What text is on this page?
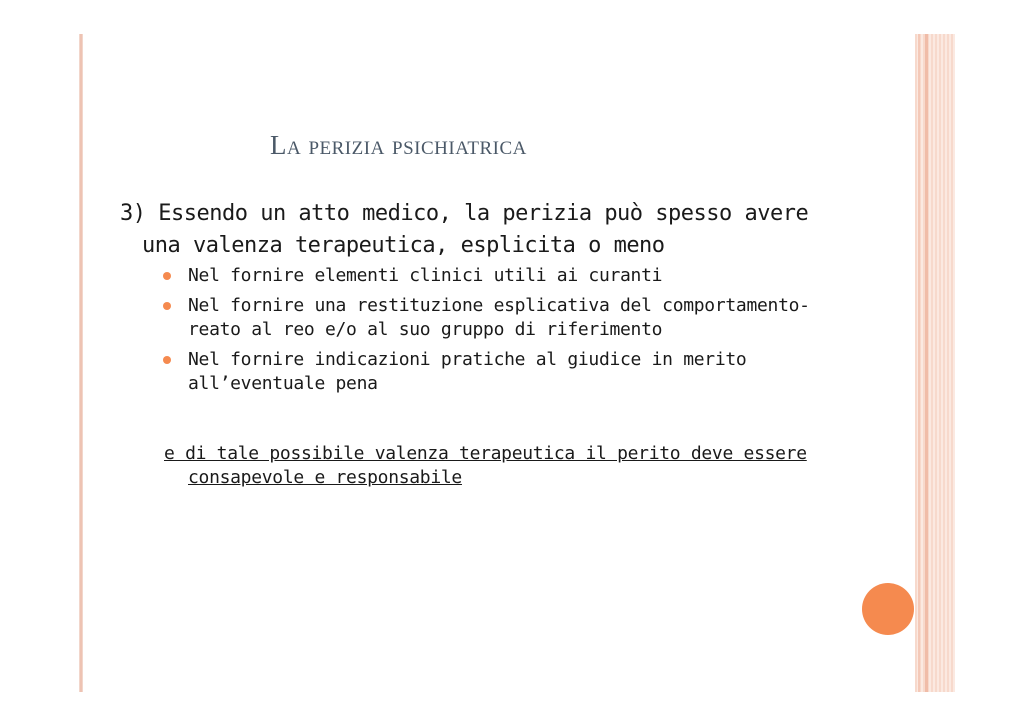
La perizia psichiatrica

3) Essendo un atto medico, la perizia può spesso avere una valenza terapeutica, esplicita o meno

Nel fornire elementi clinici utili ai curanti
Nel fornire una restituzione esplicativa del comportamento-reato al reo e/o al suo gruppo di riferimento
Nel fornire indicazioni pratiche al giudice in merito all’eventuale pena

e di tale possibile valenza terapeutica il perito deve essere consapevole e responsabile
